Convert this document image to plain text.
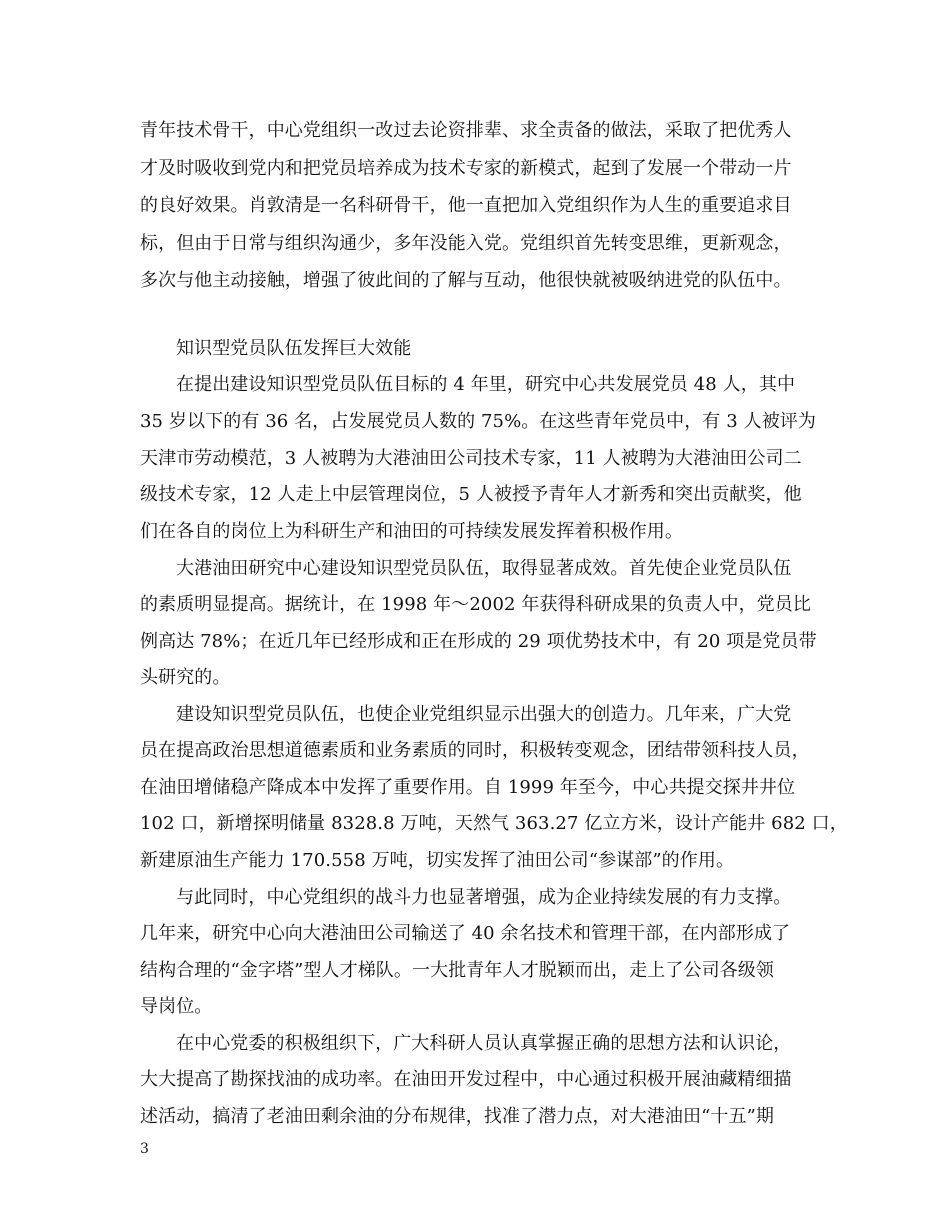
青年技术骨干，中心党组织一改过去论资排辈、求全责备的做法，采取了把优秀人
才及时吸收到党内和把党员培养成为技术专家的新模式，起到了发展一个带动一片
的良好效果。肖敦清是一名科研骨干，他一直把加入党组织作为人生的重要追求目
标，但由于日常与组织沟通少，多年没能入党。党组织首先转变思维，更新观念，
多次与他主动接触，增强了彼此间的了解与互动，他很快就被吸纳进党的队伍中。
知识型党员队伍发挥巨大效能
在提出建设知识型党员队伍目标的 4 年里，研究中心共发展党员 48 人，其中
35 岁以下的有 36 名，占发展党员人数的 75%。在这些青年党员中，有 3 人被评为
天津市劳动模范，3 人被聘为大港油田公司技术专家，11 人被聘为大港油田公司二
级技术专家，12 人走上中层管理岗位，5 人被授予青年人才新秀和突出贡献奖，他
们在各自的岗位上为科研生产和油田的可持续发展发挥着积极作用。
大港油田研究中心建设知识型党员队伍，取得显著成效。首先使企业党员队伍
的素质明显提高。据统计，在 1998 年～2002 年获得科研成果的负责人中，党员比
例高达 78%；在近几年已经形成和正在形成的 29 项优势技术中，有 20 项是党员带
头研究的。
建设知识型党员队伍，也使企业党组织显示出强大的创造力。几年来，广大党
员在提高政治思想道德素质和业务素质的同时，积极转变观念，团结带领科技人员，
在油田增储稳产降成本中发挥了重要作用。自 1999 年至今，中心共提交探井井位
102 口，新增探明储量 8328.8 万吨，天然气 363.27 亿立方米，设计产能井 682 口，
新建原油生产能力 170.558 万吨，切实发挥了油田公司“参谋部”的作用。
与此同时，中心党组织的战斗力也显著增强，成为企业持续发展的有力支撑。
几年来，研究中心向大港油田公司输送了 40 余名技术和管理干部，在内部形成了
结构合理的“金字塔”型人才梯队。一大批青年人才脱颖而出，走上了公司各级领
导岗位。
在中心党委的积极组织下，广大科研人员认真掌握正确的思想方法和认识论，
大大提高了勘探找油的成功率。在油田开发过程中，中心通过积极开展油藏精细描
述活动，搞清了老油田剩余油的分布规律，找准了潜力点，对大港油田“十五”期
3
